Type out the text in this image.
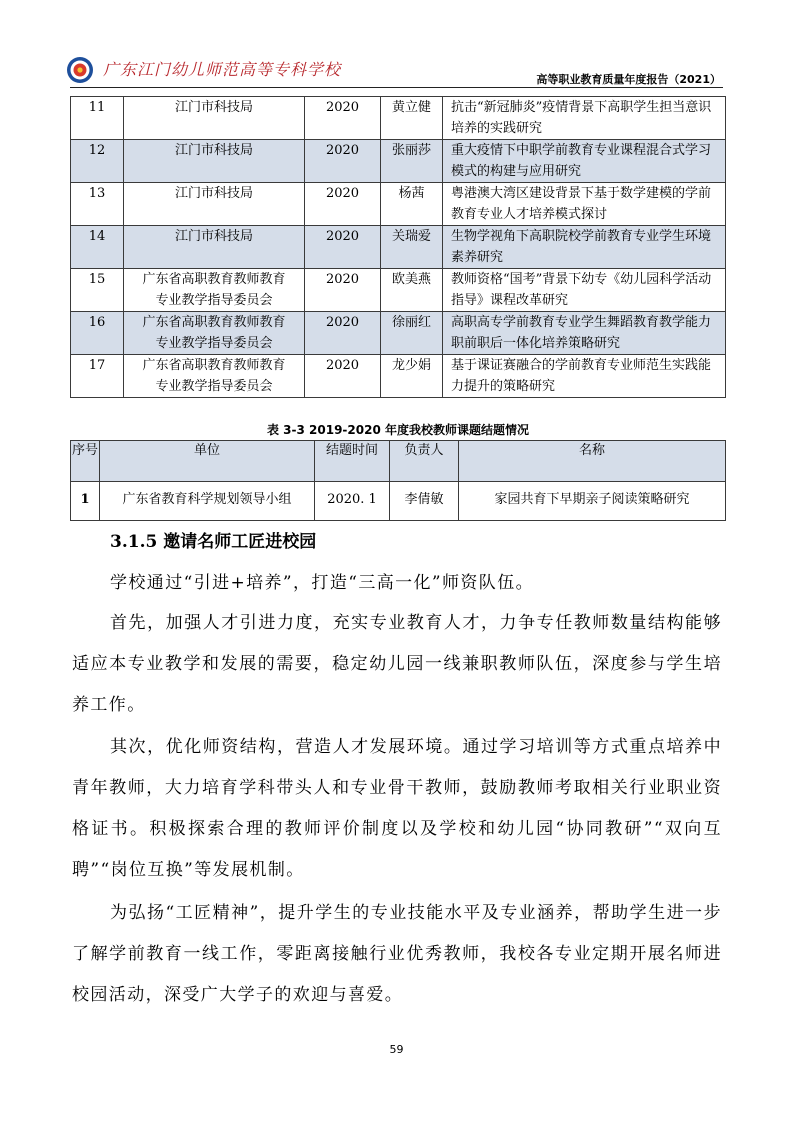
广东江门幼儿师范高等专科学校
高等职业教育质量年度报告（2021）
11	江门市科技局	2020	黄立健	抗击“新冠肺炎”疫情背景下高职学生担当意识培养的实践研究
12	江门市科技局	2020	张丽莎	重大疫情下中职学前教育专业课程混合式学习模式的构建与应用研究
13	江门市科技局	2020	杨茜	粤港澳大湾区建设背景下基于数学建模的学前教育专业人才培养模式探讨
14	江门市科技局	2020	关瑞爱	生物学视角下高职院校学前教育专业学生环境素养研究
15	广东省高职教育教师教育
专业教学指导委员会	2020	欧美燕	教师资格“国考”背景下幼专《幼儿园科学活动指导》课程改革研究
16	广东省高职教育教师教育
专业教学指导委员会	2020	徐丽红	高职高专学前教育专业学生舞蹈教育教学能力职前职后一体化培养策略研究
17	广东省高职教育教师教育
专业教学指导委员会	2020	龙少娟	基于课证赛融合的学前教育专业师范生实践能力提升的策略研究
表 3-3 2019-2020 年度我校教师课题结题情况
序号	单位	结题时间	负责人	名称
1	广东省教育科学规划领导小组	2020. 1	李倩敏	家园共育下早期亲子阅读策略研究
3.1.5 邀请名师工匠进校园

学校通过“引进+培养”，打造“三高一化”师资队伍。

首先，加强人才引进力度，充实专业教育人才，力争专任教师数量结构能够适应本专业教学和发展的需要，稳定幼儿园一线兼职教师队伍，深度参与学生培养工作。

其次，优化师资结构，营造人才发展环境。通过学习培训等方式重点培养中青年教师，大力培育学科带头人和专业骨干教师，鼓励教师考取相关行业职业资格证书。积极探索合理的教师评价制度以及学校和幼儿园“协同教研”“双向互聘”“岗位互换”等发展机制。

为弘扬“工匠精神”，提升学生的专业技能水平及专业涵养，帮助学生进一步了解学前教育一线工作，零距离接触行业优秀教师，我校各专业定期开展名师进校园活动，深受广大学子的欢迎与喜爱。

59
